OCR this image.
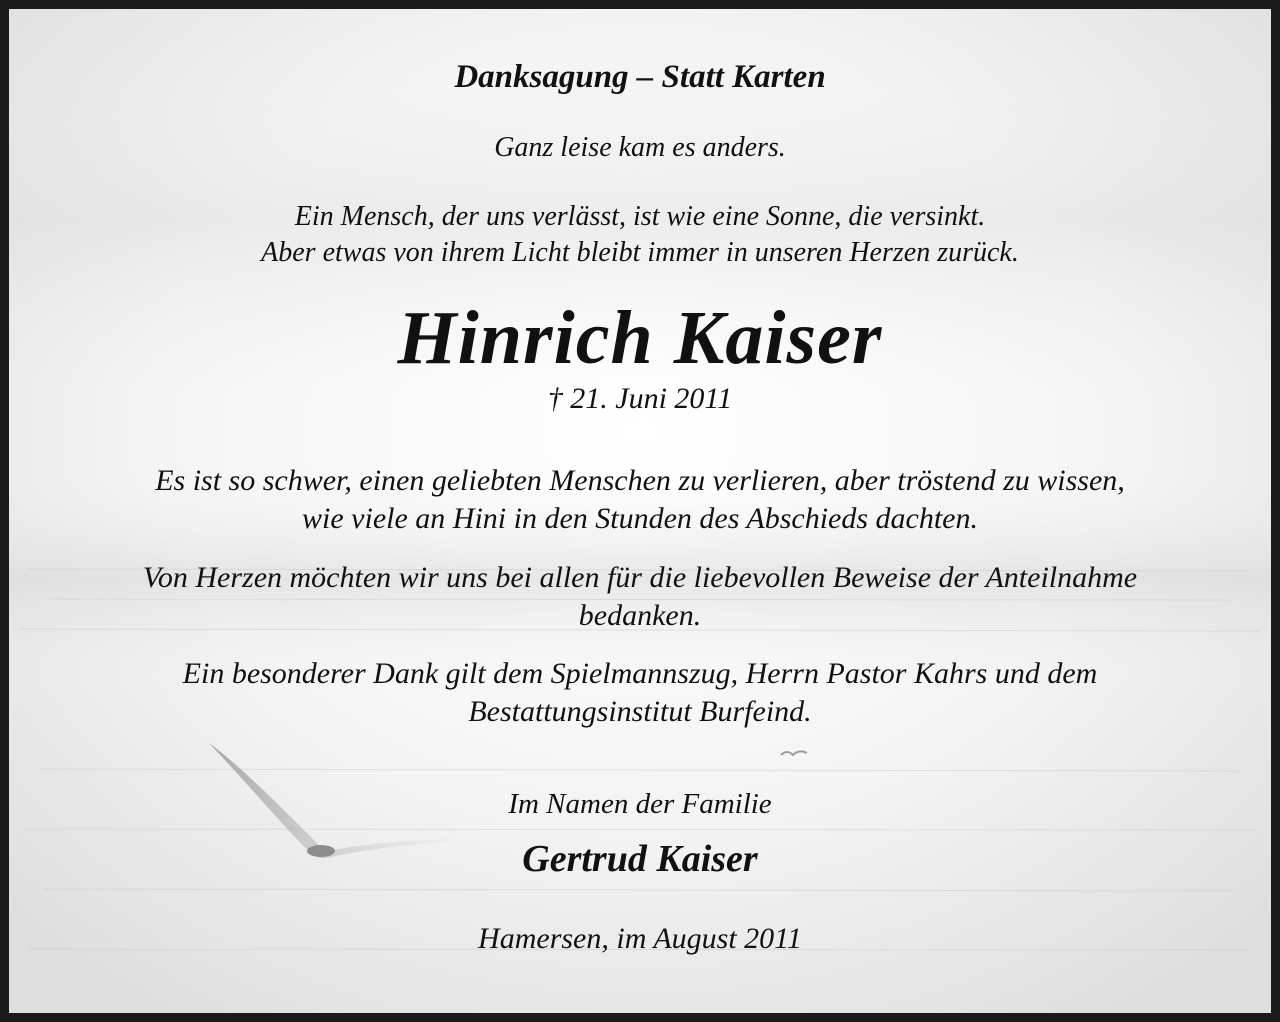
Danksagung – Statt Karten
Ganz leise kam es anders.
Ein Mensch, der uns verlässt, ist wie eine Sonne, die versinkt.
Aber etwas von ihrem Licht bleibt immer in unseren Herzen zurück.
Hinrich Kaiser
† 21. Juni 2011
Es ist so schwer, einen geliebten Menschen zu verlieren, aber tröstend zu wissen,
wie viele an Hini in den Stunden des Abschieds dachten.
Von Herzen möchten wir uns bei allen für die liebevollen Beweise der Anteilnahme
bedanken.
Ein besonderer Dank gilt dem Spielmannszug, Herrn Pastor Kahrs und dem
Bestattungsinstitut Burfeind.
Im Namen der Familie
Gertrud Kaiser
Hamersen, im August 2011
